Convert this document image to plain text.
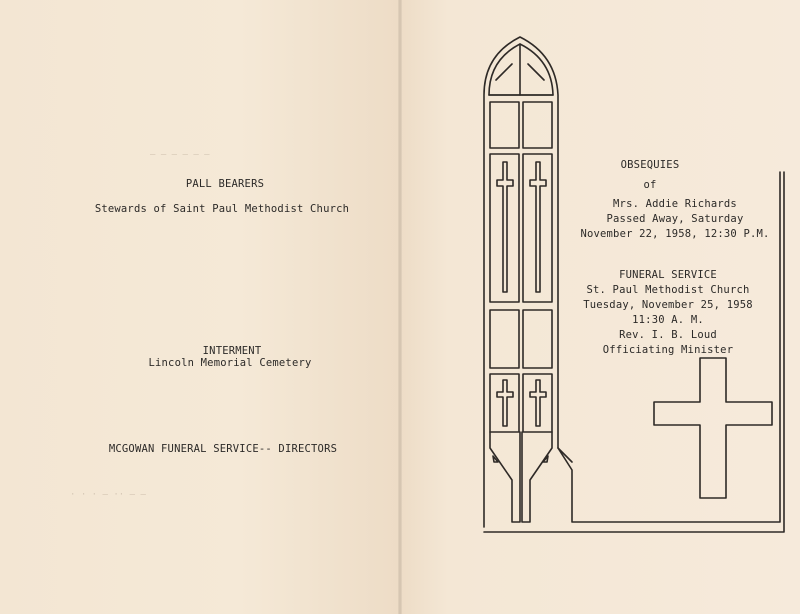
— — — — — —
· · · — ·· — —
PALL BEARERS
Stewards of Saint Paul Methodist Church
INTERMENT
Lincoln Memorial Cemetery
MCGOWAN FUNERAL SERVICE-- DIRECTORS
OBSEQUIES
of
Mrs. Addie Richards
Passed Away, Saturday
November 22, 1958, 12:30 P.M.
FUNERAL SERVICE
St. Paul Methodist Church
Tuesday, November 25, 1958
11:30 A. M.
Rev. I. B. Loud
Officiating Minister
